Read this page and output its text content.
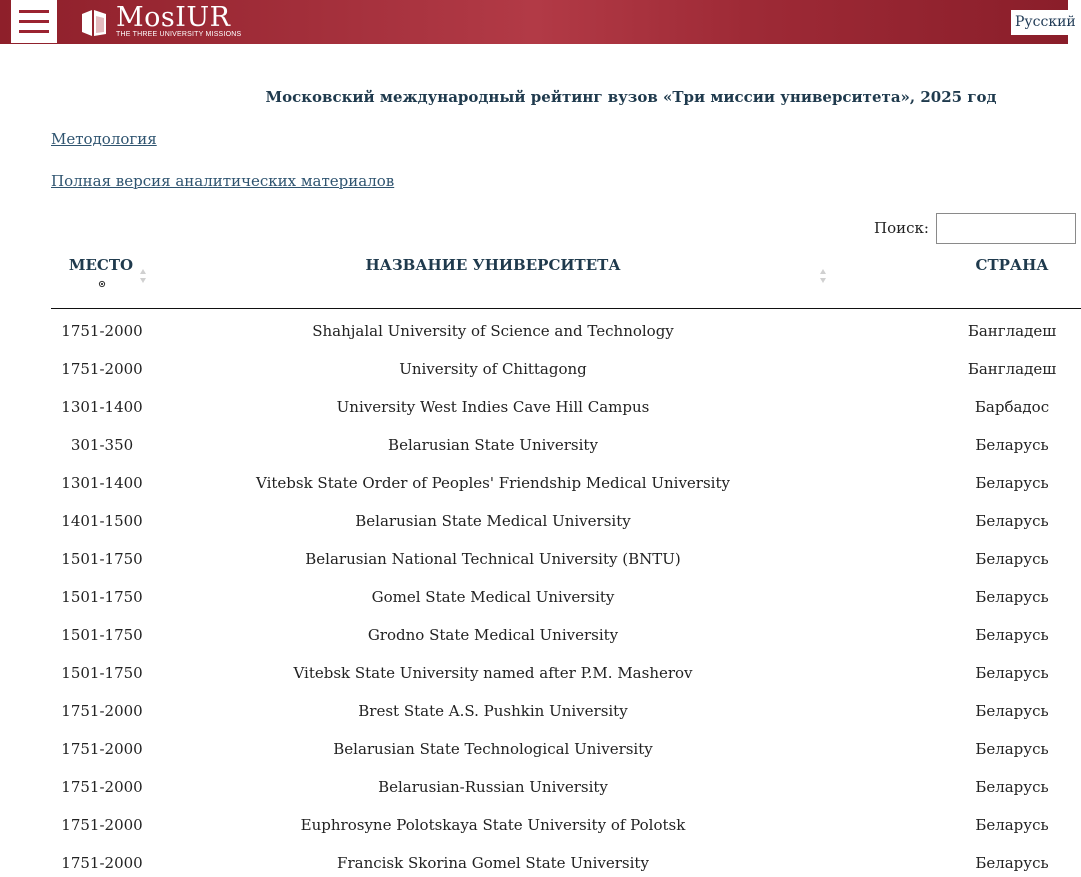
MosIUR
THE THREE UNIVERSITY MISSIONS
Русский
Московский международный рейтинг вузов «Три миссии университета», 2025 год
Методология
Полная версия аналитических материалов
Поиск:
МЕСТО	НАЗВАНИЕ УНИВЕРСИТЕТА	СТРАНА
1751-2000	Shahjalal University of Science and Technology	Бангладеш
1751-2000	University of Chittagong	Бангладеш
1301-1400	University West Indies Cave Hill Campus	Барбадос
301-350	Belarusian State University	Беларусь
1301-1400	Vitebsk State Order of Peoples' Friendship Medical University	Беларусь
1401-1500	Belarusian State Medical University	Беларусь
1501-1750	Belarusian National Technical University (BNTU)	Беларусь
1501-1750	Gomel State Medical University	Беларусь
1501-1750	Grodno State Medical University	Беларусь
1501-1750	Vitebsk State University named after P.M. Masherov	Беларусь
1751-2000	Brest State A.S. Pushkin University	Беларусь
1751-2000	Belarusian State Technological University	Беларусь
1751-2000	Belarusian-Russian University	Беларусь
1751-2000	Euphrosyne Polotskaya State University of Polotsk	Беларусь
1751-2000	Francisk Skorina Gomel State University	Беларусь
